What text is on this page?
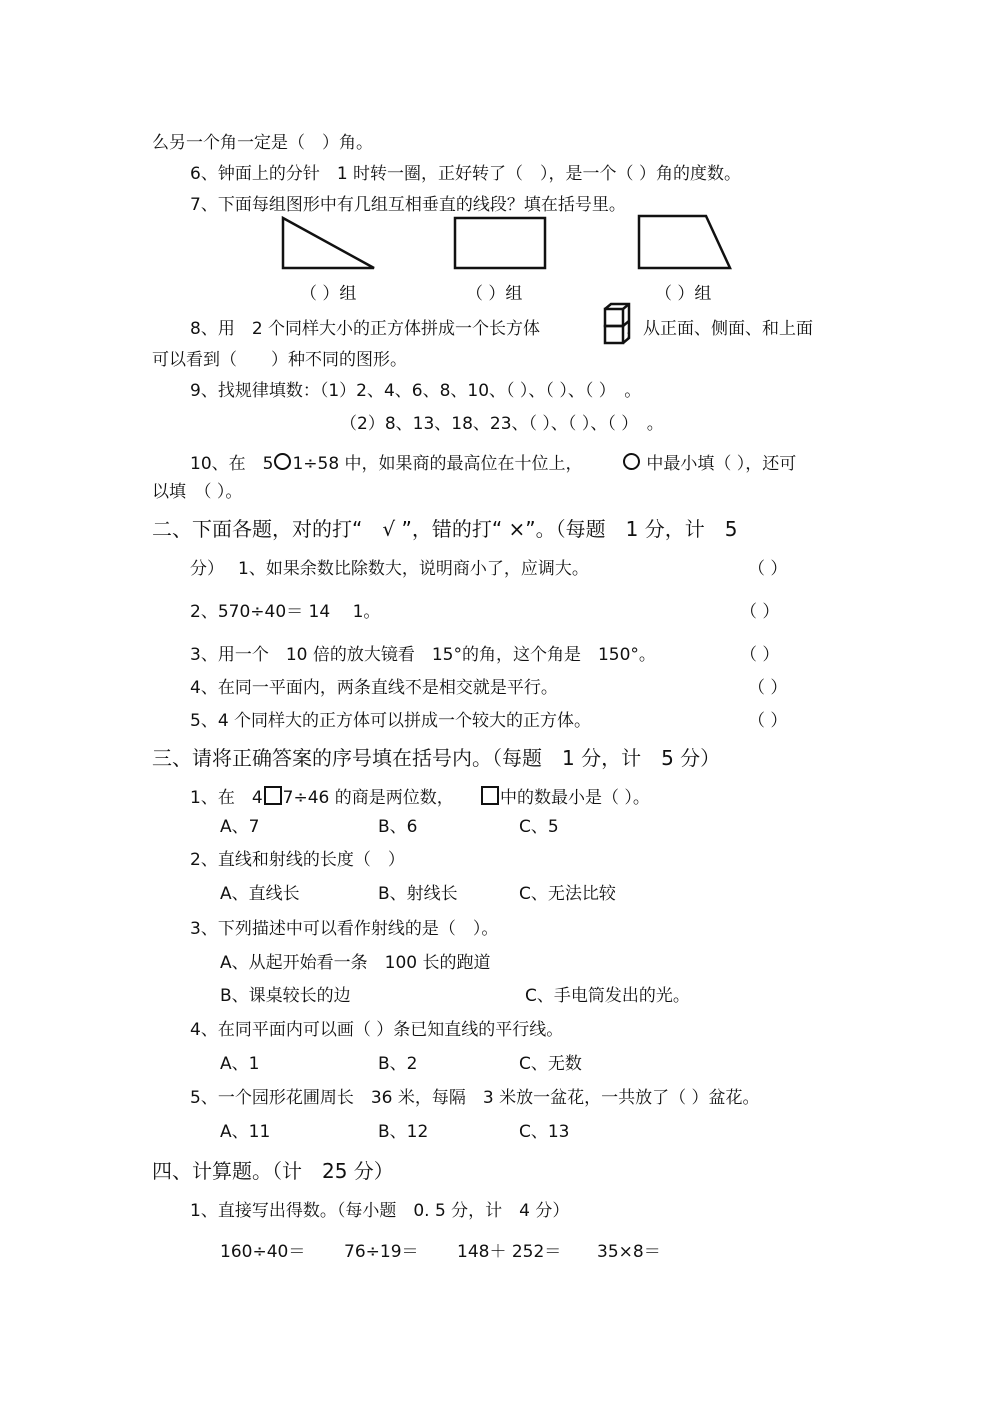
么另一个角一定是（　）角。
6、钟面上的分针　1 时转一圈，正好转了（　），是一个（ ）角的度数。
7、下面每组图形中有几组互相垂直的线段？填在括号里。
（ ）组	（ ）组	（ ）组
8、用　2 个同样大小的正方体拼成一个长方体	，从正面、侧面、和上面
可以看到（　　）种不同的图形。
9、找规律填数：（1）2、4、6、8、10、（ ）、（ ）、（ ）　。
（2）8、13、18、23、（ ）、（ ）、（ ）　。
10、在　5 1÷58 中，如果商的最高位在十位上，	中最小填（ ），还可
以填　（ ）。
二、下面各题，对的打“　√ ”，错的打“ ×”。（每题　1 分，计　5
分） 1、如果余数比除数大，说明商小了，应调大。	（ ）
2、570÷40＝ 14　 1。	（ ）
3、用一个　10 倍的放大镜看　15°的角，这个角是　150°。	（ ）
4、在同一平面内，两条直线不是相交就是平行。	（ ）
5、4 个同样大的正方体可以拼成一个较大的正方体。	（ ）
三、请将正确答案的序号填在括号内。（每题　1 分，计　5 分）
1、在　4 7÷46 的商是两位数，	中的数最小是（ ）。
A、7	B、6	C、5
2、直线和射线的长度（　）
A、直线长	B、射线长	C、无法比较
3、下列描述中可以看作射线的是（　）。
A、从起开始看一条　100 长的跑道
B、课桌较长的边	C、手电筒发出的光。
4、在同平面内可以画（ ）条已知直线的平行线。
A、1	B、2	C、无数
5、一个园形花圃周长　36 米，每隔　3 米放一盆花，一共放了（ ）盆花。
A、11	B、12	C、13
四、计算题。（计　25 分）
1、直接写出得数。（每小题　0. 5 分，计　4 分）
160÷40＝ 76÷19＝ 148＋ 252＝ 35×8＝
